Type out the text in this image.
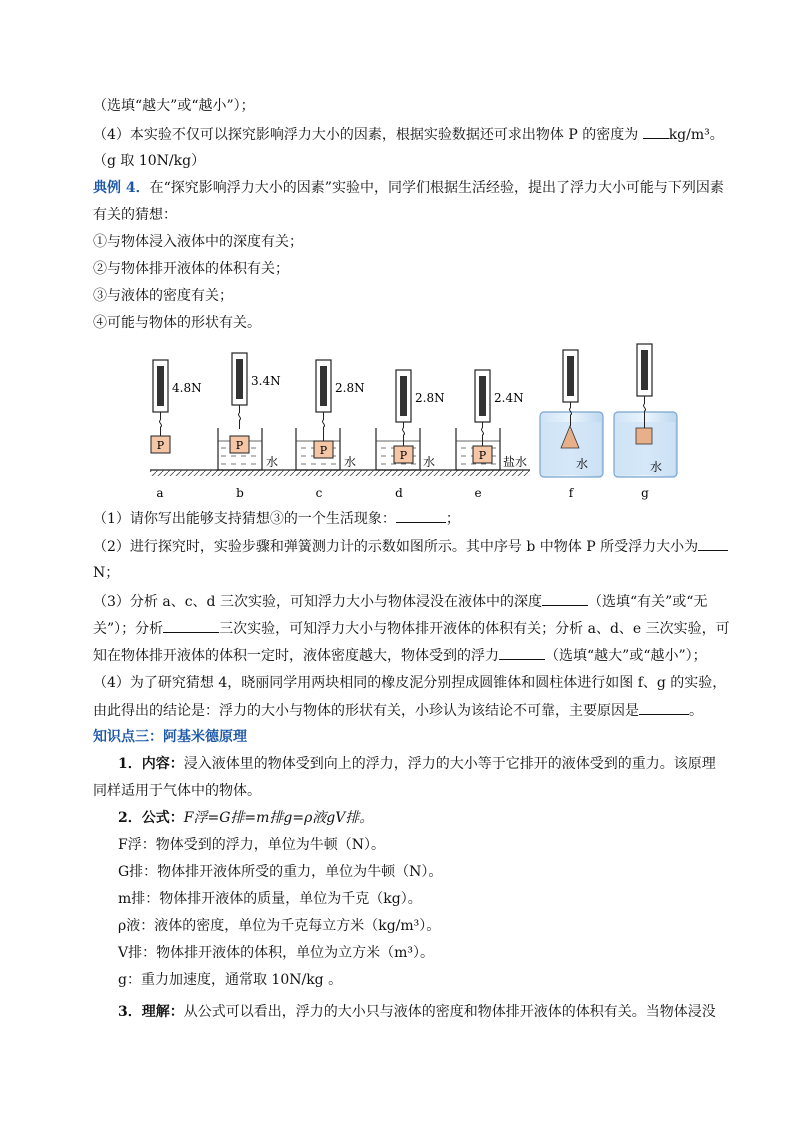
（选填“越大”或“越小”）；
（4）本实验不仅可以探究影响浮力大小的因素，根据实验数据还可求出物体 P 的密度为 kg/m³。
（g 取 10N/kg）
典例 4．在“探究影响浮力大小的因素”实验中，同学们根据生活经验，提出了浮力大小可能与下列因素
有关的猜想：
①与物体浸入液体中的深度有关；
②与物体排开液体的体积有关；
③与液体的密度有关；
④可能与物体的形状有关。
4.8N	3.4N	2.8N
2.8N	2.4N
P	P	P	P	P
水	水	水	盐水	水	水
a	b	c	d	e	f	g
（1）请你写出能够支持猜想③的一个生活现象：	；
（2）进行探究时，实验步骤和弹簧测力计的示数如图所示。其中序号 b 中物体 P 所受浮力大小为
N；
（3）分析 a、c、d 三次实验，可知浮力大小与物体浸没在液体中的深度	（选填“有关”或“无
关”）；分析	三次实验，可知浮力大小与物体排开液体的体积有关；分析 a、d、e 三次实验，可
知在物体排开液体的体积一定时，液体密度越大，物体受到的浮力	（选填“越大”或“越小”）；
（4）为了研究猜想 4，晓丽同学用两块相同的橡皮泥分别捏成圆锥体和圆柱体进行如图 f、g 的实验，
由此得出的结论是：浮力的大小与物体的形状有关，小珍认为该结论不可靠，主要原因是	。
知识点三：阿基米德原理
1．内容：浸入液体里的物体受到向上的浮力，浮力的大小等于它排开的液体受到的重力。该原理
同样适用于气体中的物体。
2．公式：F浮=G排=m排g=ρ液gV排。
F浮：物体受到的浮力，单位为牛顿（N）。
G排：物体排开液体所受的重力，单位为牛顿（N）。
m排：物体排开液体的质量，单位为千克（kg）。
ρ液：液体的密度，单位为千克每立方米（kg/m³）。
V排：物体排开液体的体积，单位为立方米（m³）。
g：重力加速度，通常取 10N/kg 。
3．理解：从公式可以看出，浮力的大小只与液体的密度和物体排开液体的体积有关。当物体浸没
